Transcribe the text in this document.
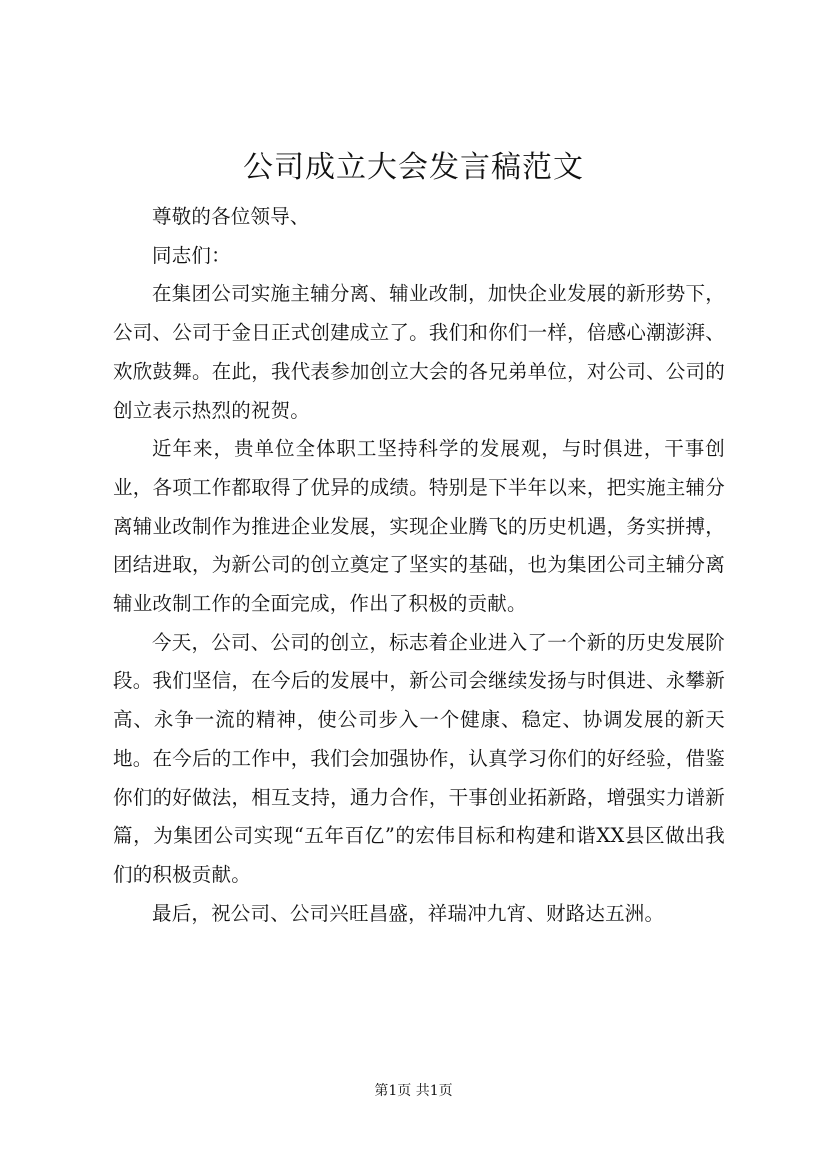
公司成立大会发言稿范文

尊敬的各位领导、

同志们：

在集团公司实施主辅分离、辅业改制，加快企业发展的新形势下，公司、公司于金日正式创建成立了。我们和你们一样，倍感心潮澎湃、欢欣鼓舞。在此，我代表参加创立大会的各兄弟单位，对公司、公司的创立表示热烈的祝贺。

近年来，贵单位全体职工坚持科学的发展观，与时俱进，干事创业，各项工作都取得了优异的成绩。特别是下半年以来，把实施主辅分离辅业改制作为推进企业发展，实现企业腾飞的历史机遇，务实拼搏，团结进取，为新公司的创立奠定了坚实的基础，也为集团公司主辅分离辅业改制工作的全面完成，作出了积极的贡献。

今天，公司、公司的创立，标志着企业进入了一个新的历史发展阶段。我们坚信，在今后的发展中，新公司会继续发扬与时俱进、永攀新高、永争一流的精神，使公司步入一个健康、稳定、协调发展的新天地。在今后的工作中，我们会加强协作，认真学习你们的好经验，借鉴你们的好做法，相互支持，通力合作，干事创业拓新路，增强实力谱新篇，为集团公司实现“五年百亿”的宏伟目标和构建和谐XX县区做出我们的积极贡献。

最后，祝公司、公司兴旺昌盛，祥瑞冲九宵、财路达五洲。

第1页 共1页
